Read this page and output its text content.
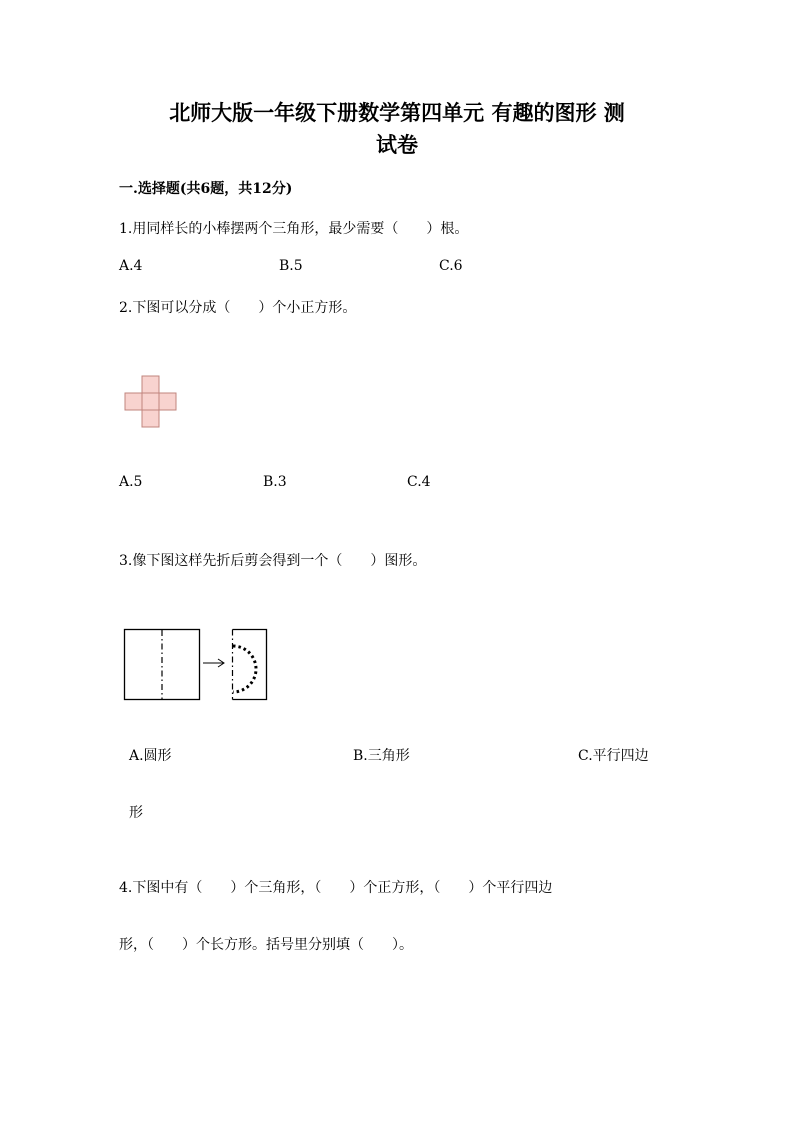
北师大版一年级下册数学第四单元 有趣的图形 测
试卷
一.选择题(共6题，共12分)
1.用同样长的小棒摆两个三角形，最少需要（　　）根。
A.4	B.5	C.6
2.下图可以分成（　　）个小正方形。
A.5	B.3	C.4
3.像下图这样先折后剪会得到一个（　　）图形。
A.圆形	B.三角形	C.平行四边
形
4.下图中有（　　）个三角形，（　　）个正方形，（　　）个平行四边
形，（　　）个长方形。括号里分别填（　　）。
